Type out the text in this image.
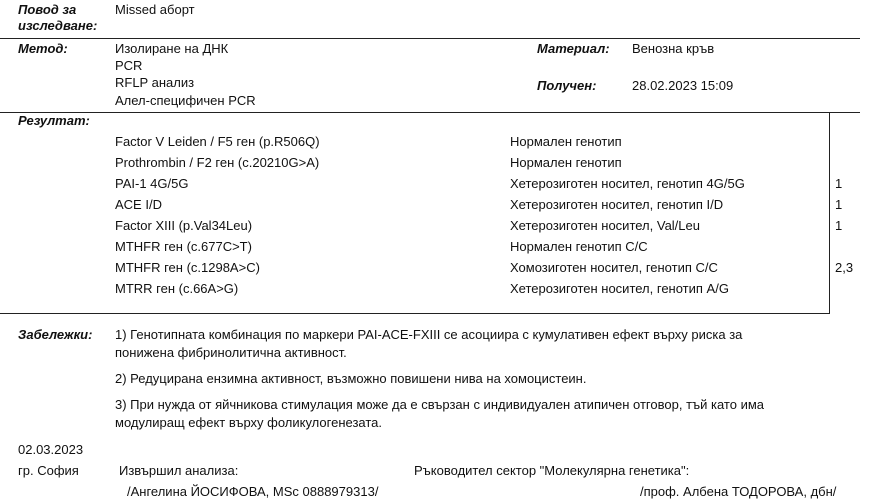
Повод за
изследване:
Missed аборт
Метод:	Изолиране на ДНК
PCR
RFLP анализ
Алел-специфичен PCR
Материал: Венозна кръв
Получен:	28.02.2023 15:09
Резултат:
Factor V Leiden / F5 ген (p.R506Q)	Нормален генотип
Prothrombin / F2 ген (c.20210G>A)	Нормален генотип
PAI-1 4G/5G	Хетерозиготен носител, генотип 4G/5G	1
ACE I/D	Хетерозиготен носител, генотип I/D	1
Factor XIII (p.Val34Leu)	Хетерозиготен носител, Val/Leu	1
MTHFR ген (c.677C>T)	Нормален генотип C/C
MTHFR ген (c.1298A>C)	Хомозиготен носител, генотип C/C	2,3
MTRR ген (c.66A>G)	Хетерозиготен носител, генотип A/G
Забележки: 1) Генотипната комбинация по маркери PAI-ACE-FXIII се асоциира с кумулативен ефект върху риска за
понижена фибринолитична активност.
2) Редуцирана ензимна активност, възможно повишени нива на хомоцистеин.
3) При нужда от яйчникова стимулация може да е свързан с индивидуален атипичен отговор, тъй като има
модулиращ ефект върху фоликулогенезата.
02.03.2023
гр. София	Извършил анализа:
/Ангелина ЙОСИФОВА, MSc 0888979313/
Ръководител сектор "Молекулярна генетика":
/проф. Албена ТОДОРОВА, дбн/
